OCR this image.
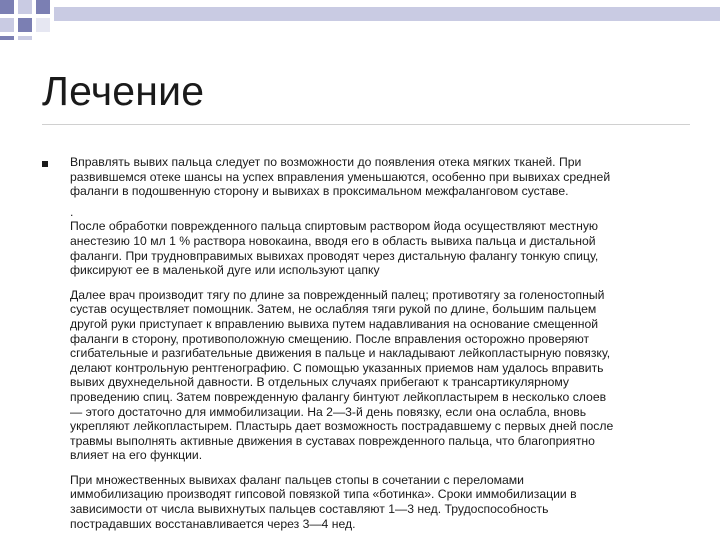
Лечение

Вправлять вывих пальца следует по возможности до появления отека мягких тканей. При
развившемся отеке шансы на успех вправления уменьшаются, особенно при вывихах средней
фаланги в подошвенную сторону и вывихах в проксимальном межфаланговом суставе.

.
После обработки поврежденного пальца спиртовым раствором йода осуществляют местную
анестезию 10 мл 1 % раствора новокаина, вводя его в область вывиха пальца и дистальной
фаланги. При трудновправимых вывихах проводят через дистальную фалангу тонкую спицу,
фиксируют ее в маленькой дуге или используют цапку

Далее врач производит тягу по длине за поврежденный палец; противотягу за голеностопный
сустав осуществляет помощник. Затем, не ослабляя тяги рукой по длине, большим пальцем
другой руки приступает к вправлению вывиха путем надавливания на основание смещенной
фаланги в сторону, противоположную смещению. После вправления осторожно проверяют
сгибательные и разгибательные движения в пальце и накладывают лейкопластырную повязку,
делают контрольную рентгенографию. С помощью указанных приемов нам удалось вправить
вывих двухнедельной давности. В отдельных случаях прибегают к трансартикулярному
проведению спиц. Затем поврежденную фалангу бинтуют лейкопластырем в несколько слоев
— этого достаточно для иммобилизации. На 2—3-й день повязку, если она ослабла, вновь
укрепляют лейкопластырем. Пластырь дает возможность пострадавшему с первых дней после
травмы выполнять активные движения в суставах поврежденного пальца, что благоприятно
влияет на его функции.

При множественных вывихах фаланг пальцев стопы в сочетании с переломами
иммобилизацию производят гипсовой повязкой типа «ботинка». Сроки иммобилизации в
зависимости от числа вывихнутых пальцев составляют 1—3 нед. Трудоспособность
пострадавших восстанавливается через 3—4 нед.
